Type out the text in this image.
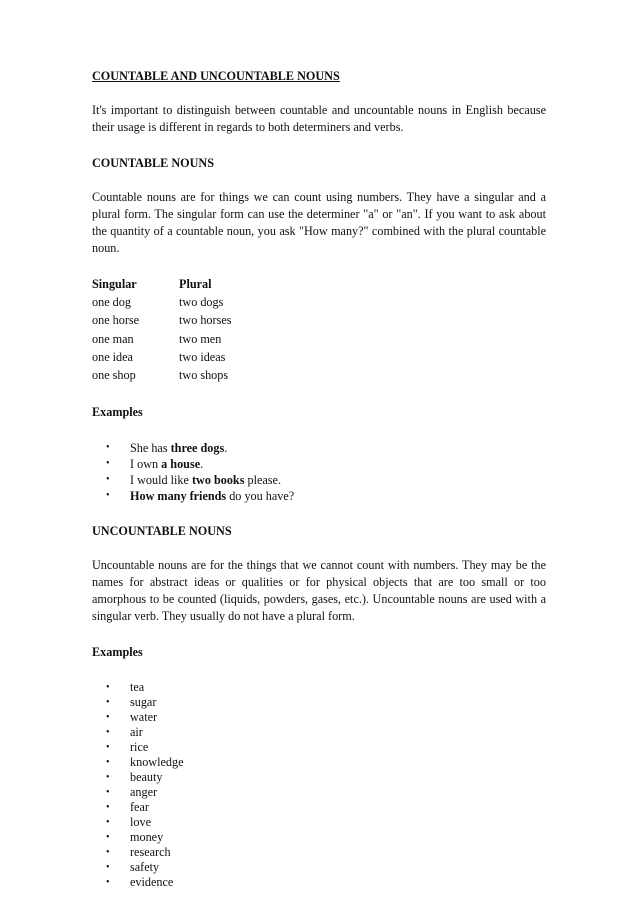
COUNTABLE AND UNCOUNTABLE NOUNS

It's important to distinguish between countable and uncountable nouns in English because their usage is different in regards to both determiners and verbs.

COUNTABLE NOUNS

Countable nouns are for things we can count using numbers. They have a singular and a plural form. The singular form can use the determiner "a" or "an". If you want to ask about the quantity of a countable noun, you ask "How many?" combined with the plural countable noun.

Singular	Plural
one dog	two dogs
one horse	two horses
one man	two men
one idea	two ideas
one shop	two shops

Examples

• She has three dogs.
• I own a house.
• I would like two books please.
• How many friends do you have?

UNCOUNTABLE NOUNS

Uncountable nouns are for the things that we cannot count with numbers. They may be the names for abstract ideas or qualities or for physical objects that are too small or too amorphous to be counted (liquids, powders, gases, etc.). Uncountable nouns are used with a singular verb. They usually do not have a plural form.

Examples

• tea
• sugar
• water
• air
• rice
• knowledge
• beauty
• anger
• fear
• love
• money
• research
• safety
• evidence
